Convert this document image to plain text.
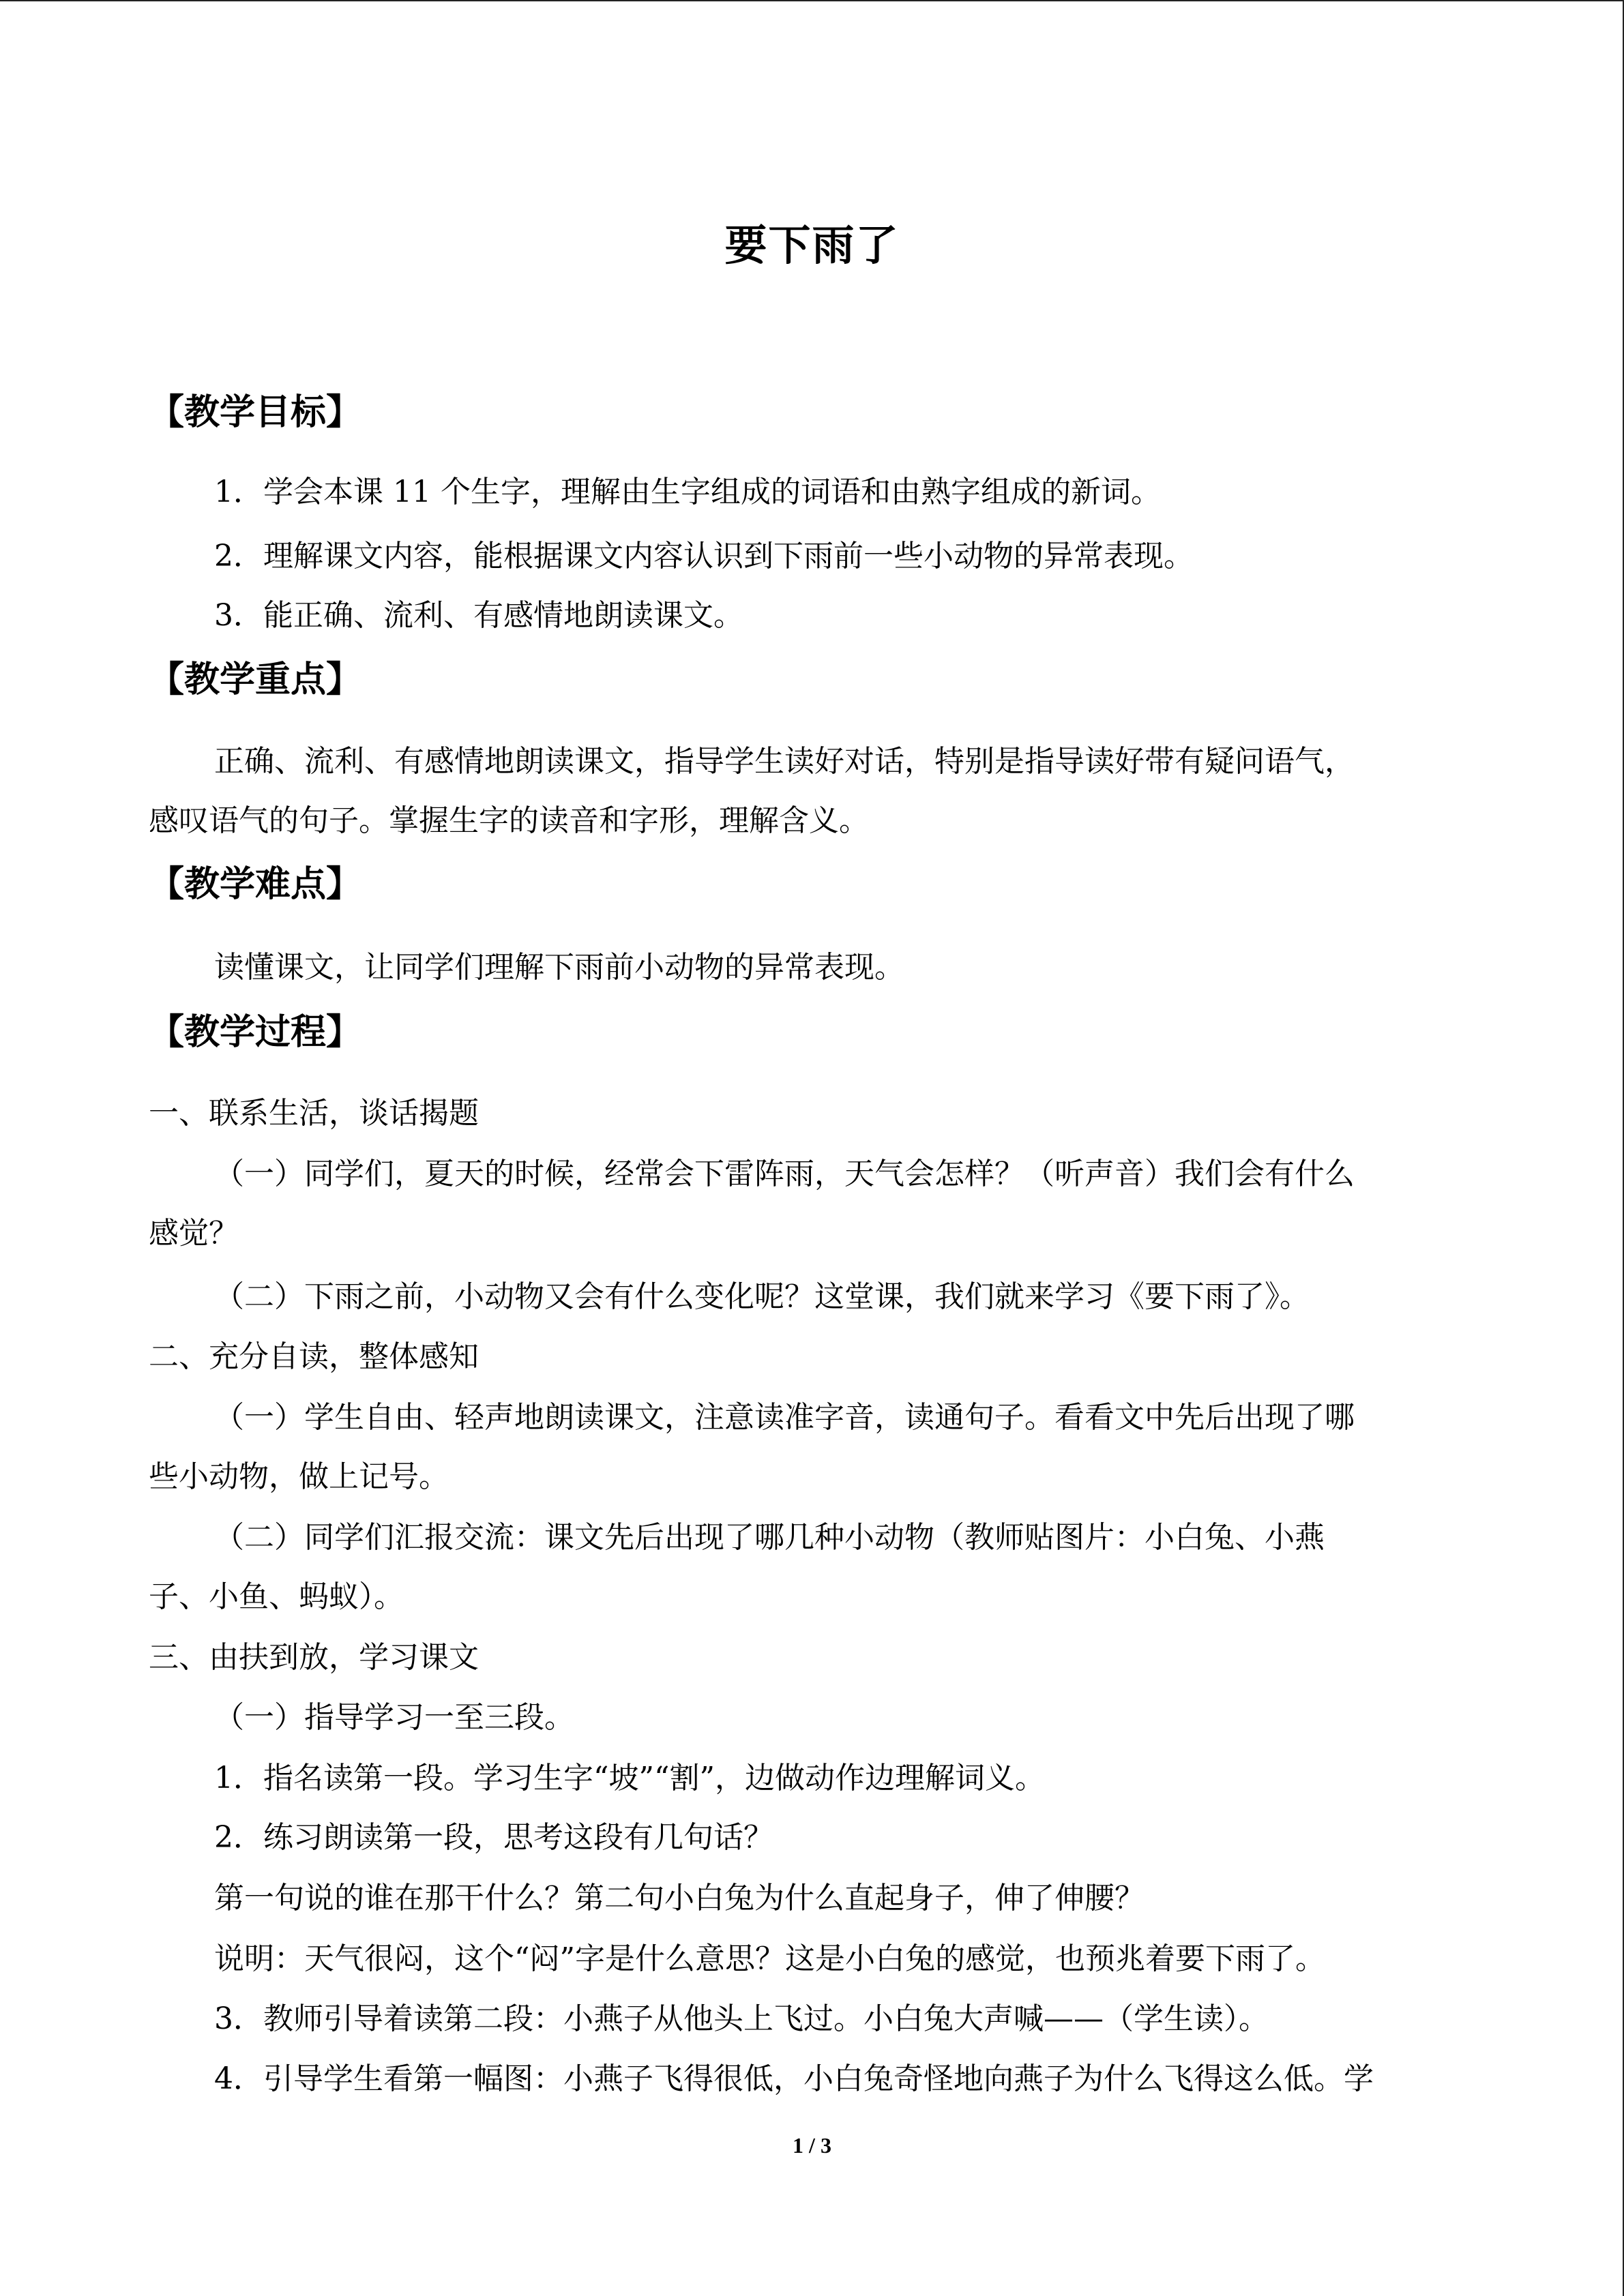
要下雨了
【教学目标】
1．学会本课 11 个生字，理解由生字组成的词语和由熟字组成的新词。
2．理解课文内容，能根据课文内容认识到下雨前一些小动物的异常表现。
3．能正确、流利、有感情地朗读课文。
【教学重点】
正确、流利、有感情地朗读课文，指导学生读好对话，特别是指导读好带有疑问语气，
感叹语气的句子。掌握生字的读音和字形，理解含义。
【教学难点】
读懂课文，让同学们理解下雨前小动物的异常表现。
【教学过程】
一、联系生活，谈话揭题
（一）同学们，夏天的时候，经常会下雷阵雨，天气会怎样？（听声音）我们会有什么
感觉？
（二）下雨之前，小动物又会有什么变化呢？这堂课，我们就来学习《要下雨了》。
二、充分自读，整体感知
（一）学生自由、轻声地朗读课文，注意读准字音，读通句子。看看文中先后出现了哪
些小动物，做上记号。
（二）同学们汇报交流：课文先后出现了哪几种小动物（教师贴图片：小白兔、小燕
子、小鱼、蚂蚁）。
三、由扶到放，学习课文
（一）指导学习一至三段。
1．指名读第一段。学习生字“坡”“割”，边做动作边理解词义。
2．练习朗读第一段，思考这段有几句话？
第一句说的谁在那干什么？第二句小白兔为什么直起身子，伸了伸腰？
说明：天气很闷，这个“闷”字是什么意思？这是小白兔的感觉，也预兆着要下雨了。
3．教师引导着读第二段：小燕子从他头上飞过。小白兔大声喊——（学生读）。
4．引导学生看第一幅图：小燕子飞得很低，小白兔奇怪地向燕子为什么飞得这么低。学
1 / 3
